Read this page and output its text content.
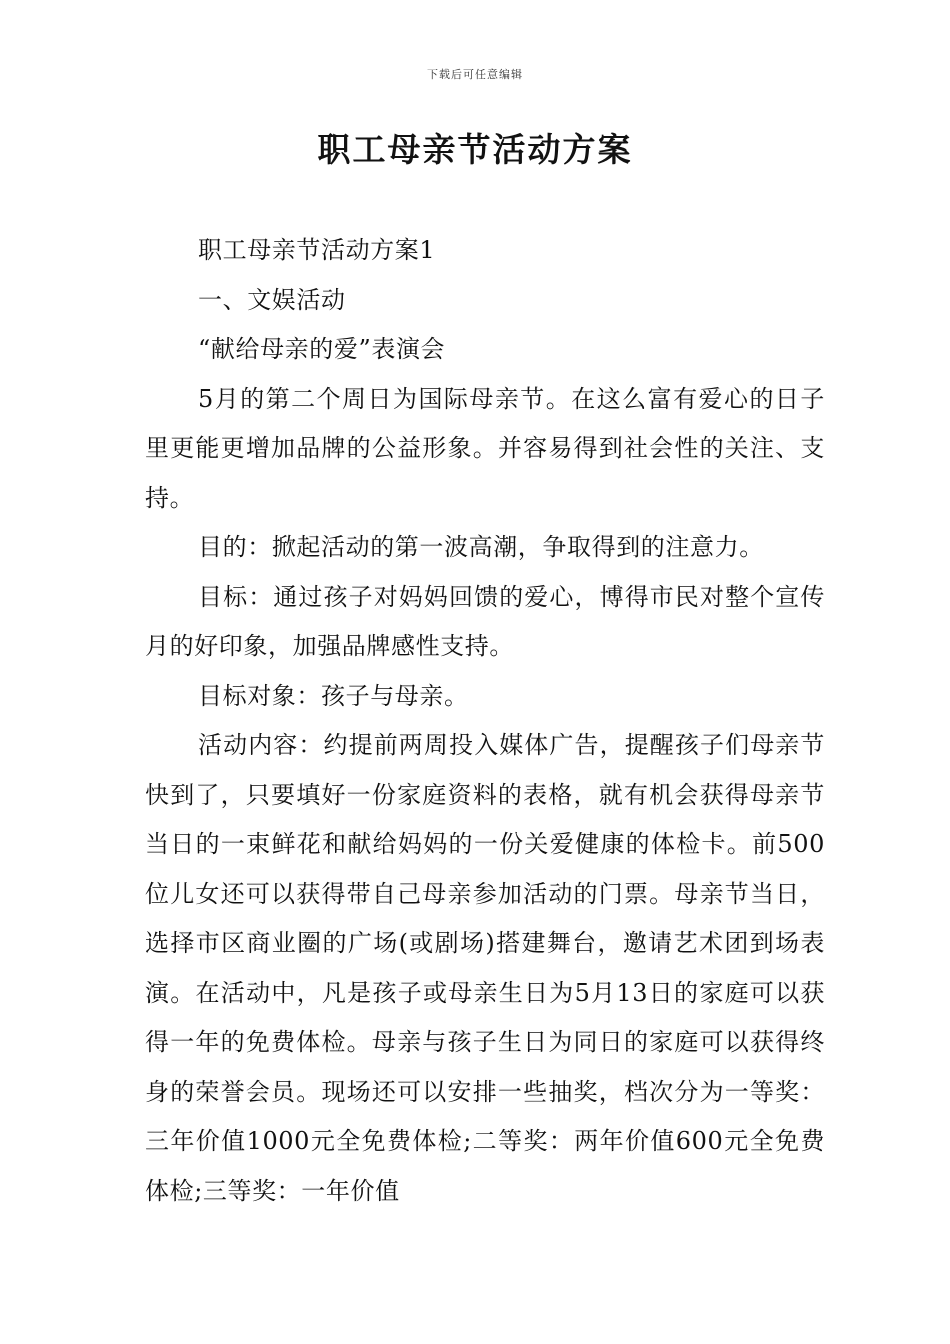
下载后可任意编辑
职工母亲节活动方案

职工母亲节活动方案1

一、文娱活动

“献给母亲的爱”表演会

5月的第二个周日为国际母亲节。在这么富有爱心的日子里更能更增加品牌的公益形象。并容易得到社会性的关注、支持。

目的：掀起活动的第一波高潮，争取得到的注意力。

目标：通过孩子对妈妈回馈的爱心，博得市民对整个宣传月的好印象，加强品牌感性支持。

目标对象：孩子与母亲。

活动内容：约提前两周投入媒体广告，提醒孩子们母亲节快到了，只要填好一份家庭资料的表格，就有机会获得母亲节当日的一束鲜花和献给妈妈的一份关爱健康的体检卡。前500位儿女还可以获得带自己母亲参加活动的门票。母亲节当日，选择市区商业圈的广场(或剧场)搭建舞台，邀请艺术团到场表演。在活动中，凡是孩子或母亲生日为5月13日的家庭可以获得一年的免费体检。母亲与孩子生日为同日的家庭可以获得终身的荣誉会员。现场还可以安排一些抽奖，档次分为一等奖：三年价值1000元全免费体检;二等奖：两年价值600元全免费体检;三等奖：一年价值
